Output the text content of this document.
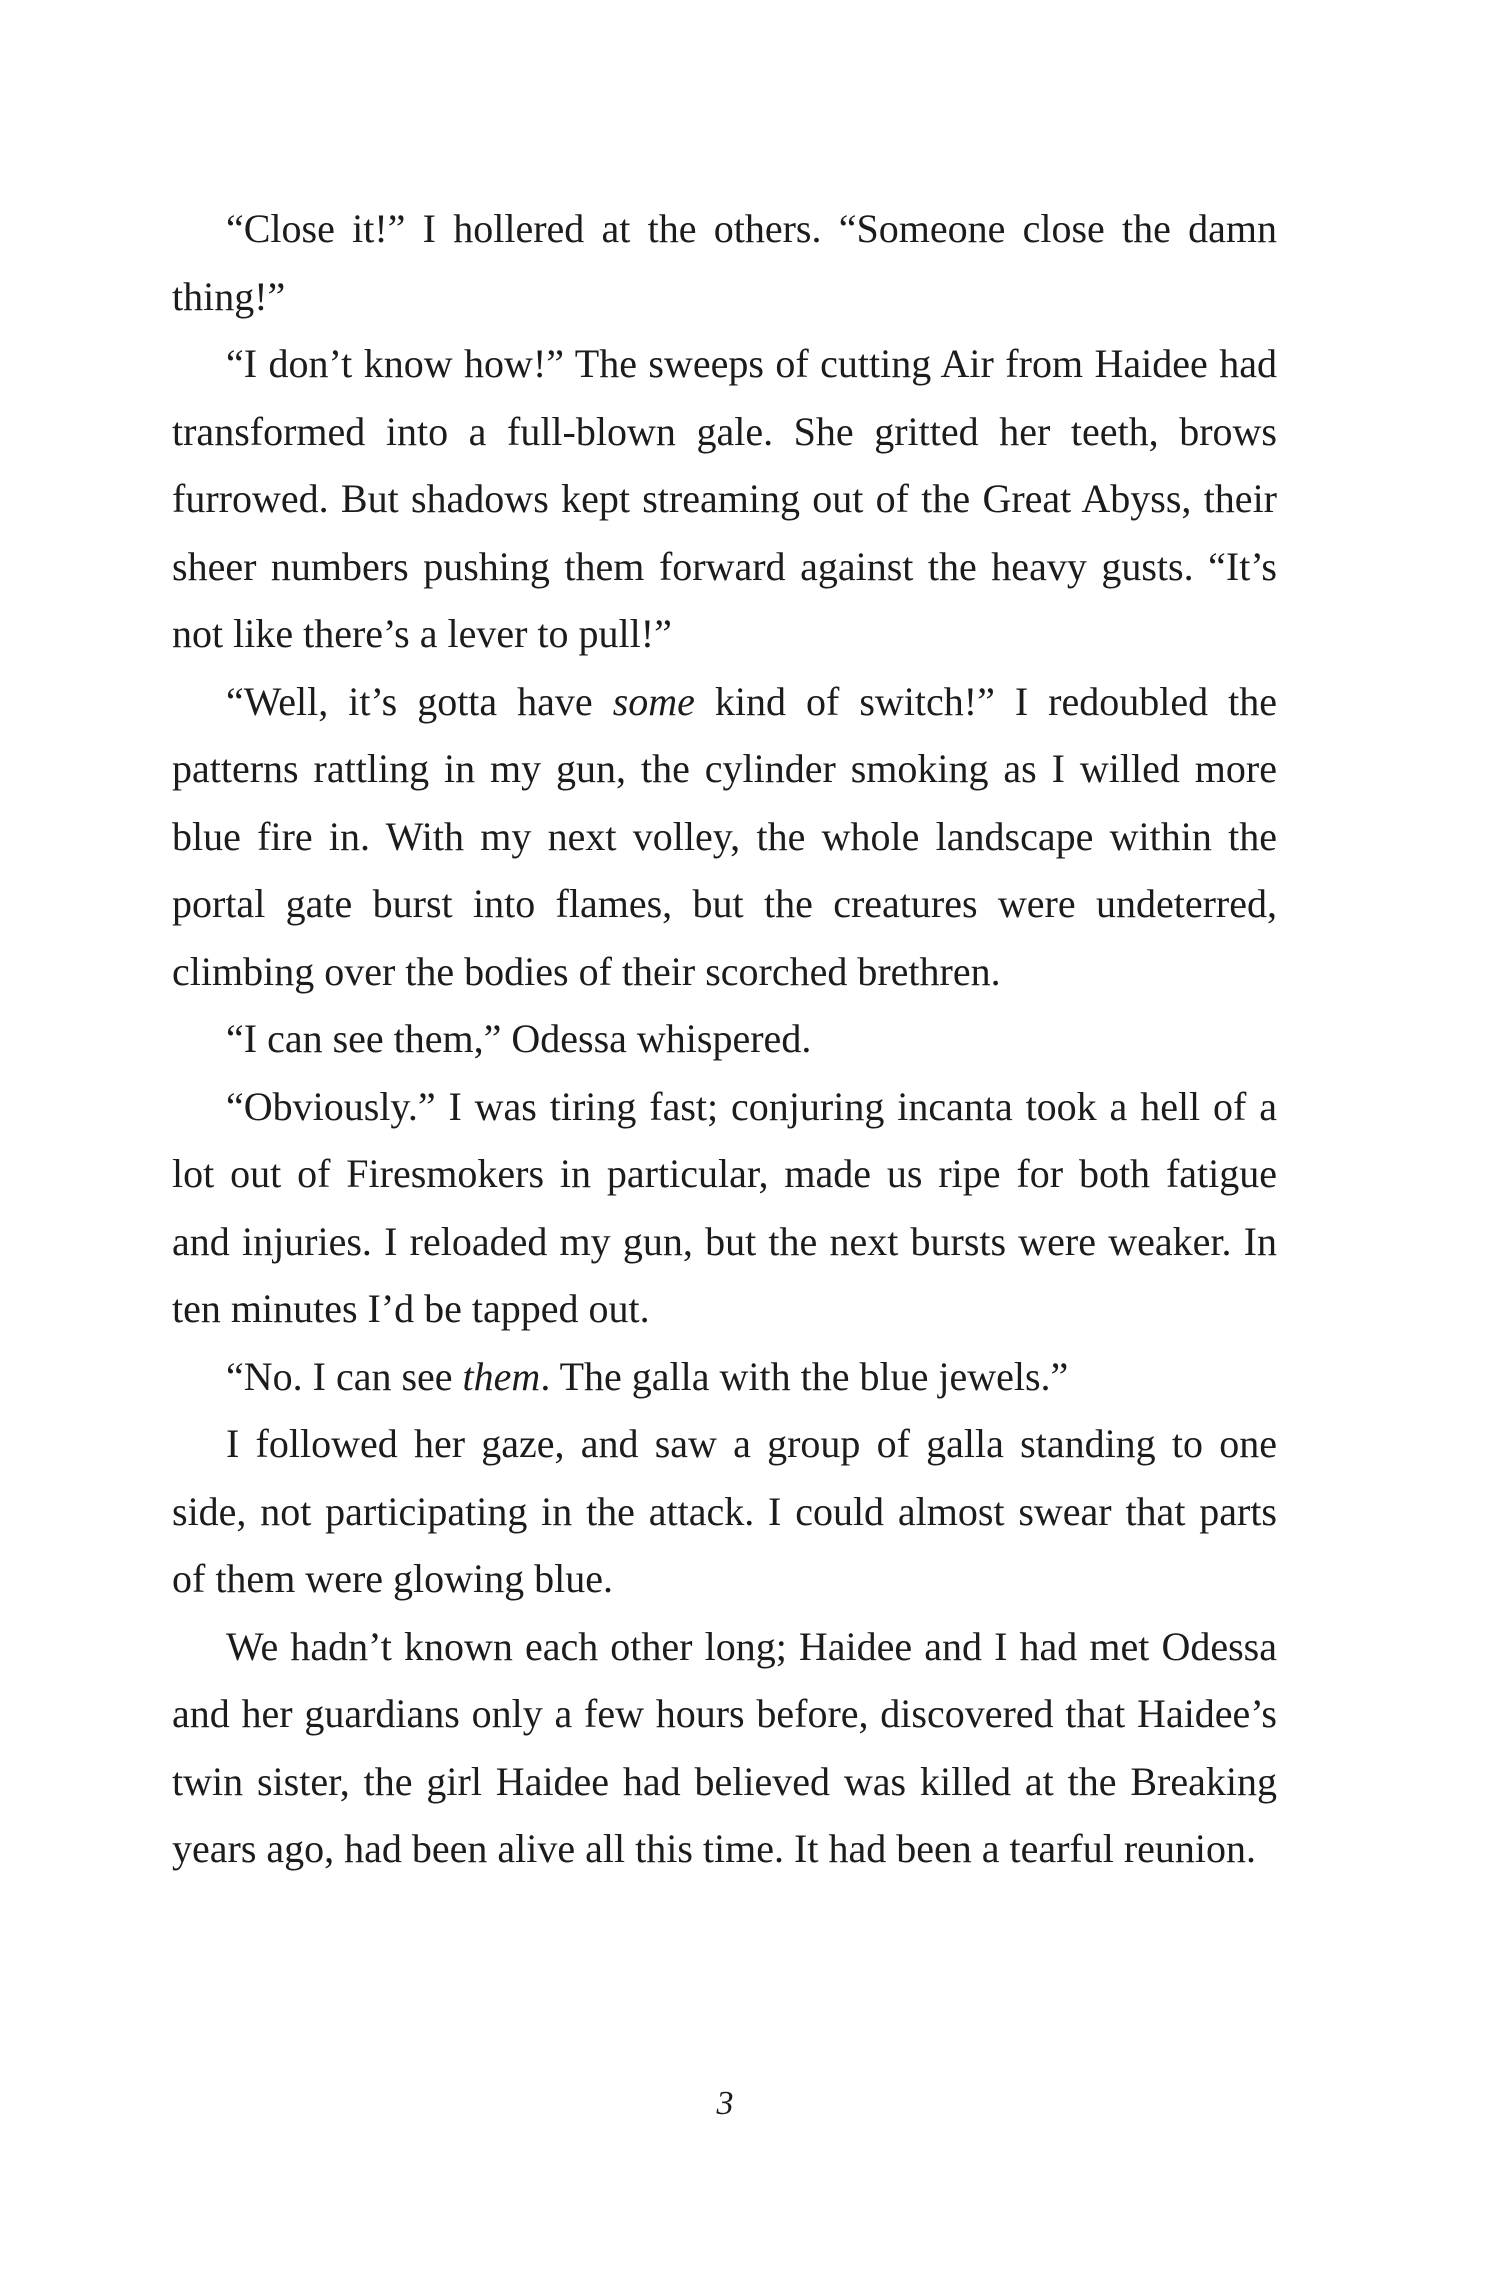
“Close it!” I hollered at the others. “Someone close the damn thing!”

“I don’t know how!” The sweeps of cutting Air from Haidee had transformed into a full-blown gale. She gritted her teeth, brows furrowed. But shadows kept streaming out of the Great Abyss, their sheer numbers pushing them forward against the heavy gusts. “It’s not like there’s a lever to pull!”

“Well, it’s gotta have some kind of switch!” I redoubled the patterns rattling in my gun, the cylinder smoking as I willed more blue fire in. With my next volley, the whole landscape within the portal gate burst into flames, but the creatures were undeterred, climbing over the bodies of their scorched brethren.

“I can see them,” Odessa whispered.

“Obviously.” I was tiring fast; conjuring incanta took a hell of a lot out of Firesmokers in particular, made us ripe for both fatigue and injuries. I reloaded my gun, but the next bursts were weaker. In ten minutes I’d be tapped out.

“No. I can see them. The galla with the blue jewels.”

I followed her gaze, and saw a group of galla standing to one side, not participating in the attack. I could almost swear that parts of them were glowing blue.

We hadn’t known each other long; Haidee and I had met Odessa and her guardians only a few hours before, discovered that Haidee’s twin sister, the girl Haidee had believed was killed at the Breaking years ago, had been alive all this time. It had been a tearful reunion.

3
